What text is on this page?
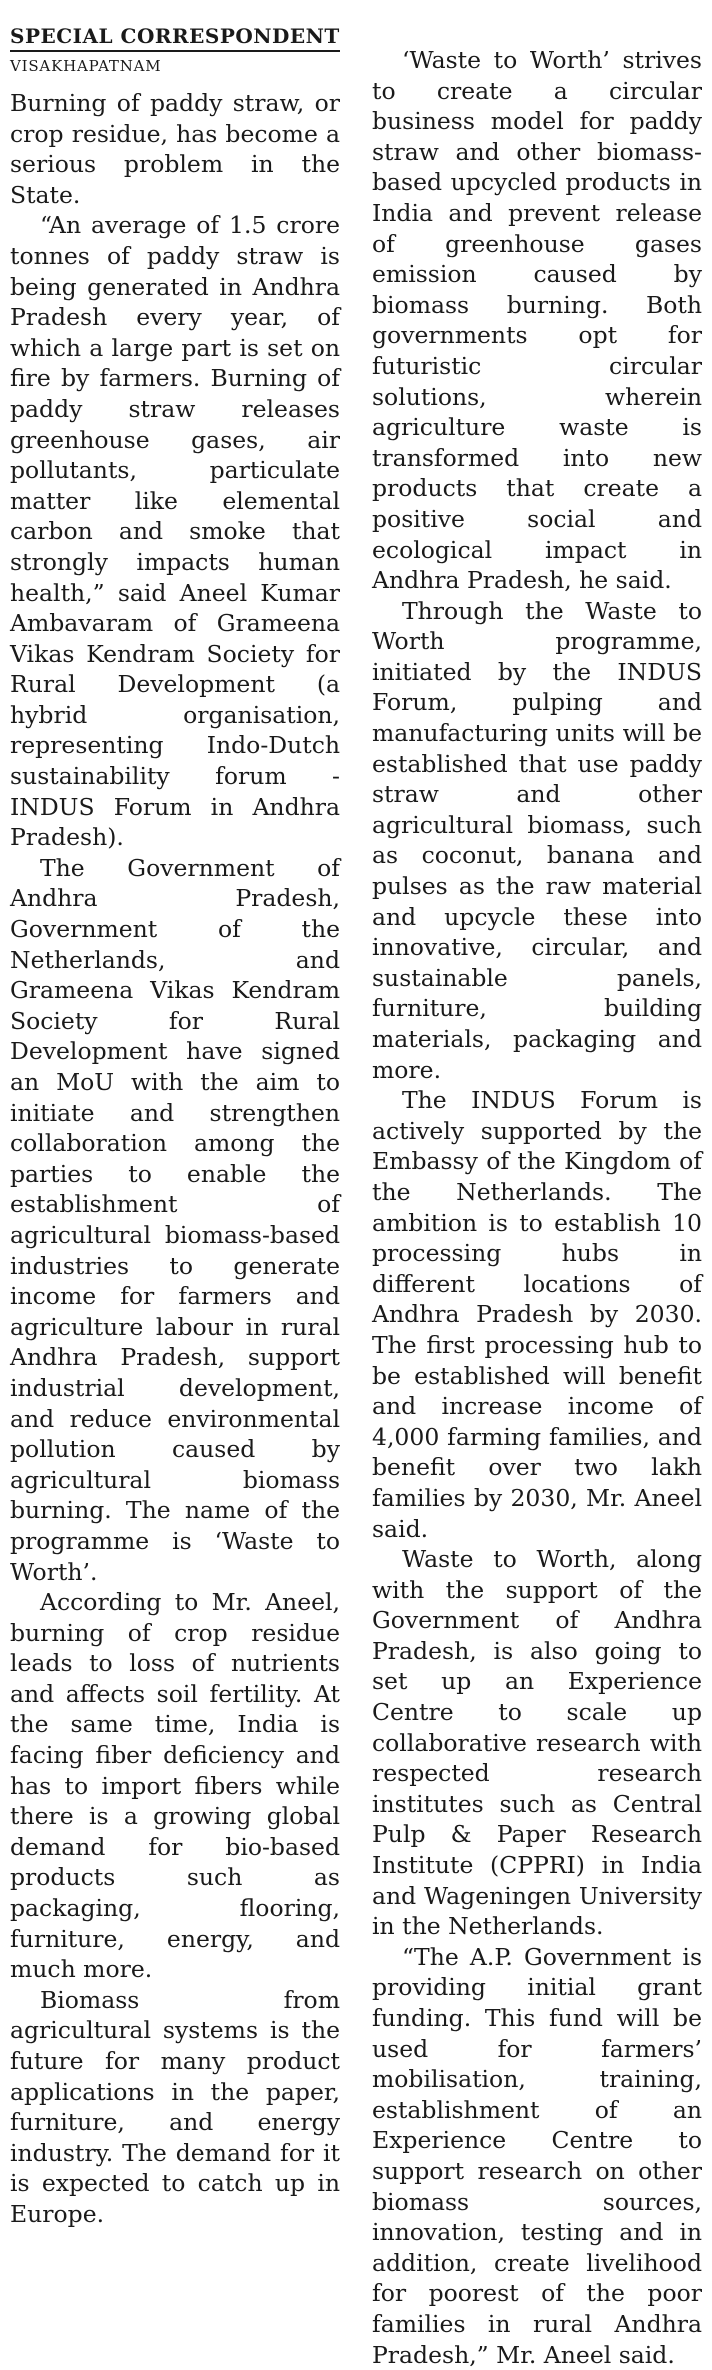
SPECIAL CORRESPONDENT
VISAKHAPATNAM

Burning of paddy straw, or crop residue, has become a serious problem in the State.

“An average of 1.5 crore tonnes of paddy straw is being generated in Andhra Pradesh every year, of which a large part is set on fire by farmers. Burning of paddy straw releases greenhouse gases, air pollutants, particulate matter like elemental carbon and smoke that strongly impacts human health,” said Aneel Kumar Ambavaram of Grameena Vikas Kendram Society for Rural Development (a hybrid organisation, representing Indo-Dutch sustainability forum - INDUS Forum in Andhra Pradesh).

The Government of Andhra Pradesh, Government of the Netherlands, and Grameena Vikas Kendram Society for Rural Development have signed an MoU with the aim to initiate and strengthen collaboration among the parties to enable the establishment of agricultural biomass-based industries to generate income for farmers and agriculture labour in rural Andhra Pradesh, support industrial development, and reduce environmental pollution caused by agricultural biomass burning. The name of the programme is ‘Waste to Worth’.

According to Mr. Aneel, burning of crop residue leads to loss of nutrients and affects soil fertility. At the same time, India is facing fiber deficiency and has to import fibers while there is a growing global demand for bio-based products such as packaging, flooring, furniture, energy, and much more.

Biomass from agricultural systems is the future for many product applications in the paper, furniture, and energy industry. The demand for it is expected to catch up in Europe.

‘Waste to Worth’ strives to create a circular business model for paddy straw and other biomass-based upcycled products in India and prevent release of greenhouse gases emission caused by biomass burning. Both governments opt for futuristic circular solutions, wherein agriculture waste is transformed into new products that create a positive social and ecological impact in Andhra Pradesh, he said.

Through the Waste to Worth programme, initiated by the INDUS Forum, pulping and manufacturing units will be established that use paddy straw and other agricultural biomass, such as coconut, banana and pulses as the raw material and upcycle these into innovative, circular, and sustainable panels, furniture, building materials, packaging and more.

The INDUS Forum is actively supported by the Embassy of the Kingdom of the Netherlands. The ambition is to establish 10 processing hubs in different locations of Andhra Pradesh by 2030. The first processing hub to be established will benefit and increase income of 4,000 farming families, and benefit over two lakh families by 2030, Mr. Aneel said.

Waste to Worth, along with the support of the Government of Andhra Pradesh, is also going to set up an Experience Centre to scale up collaborative research with respected research institutes such as Central Pulp & Paper Research Institute (CPPRI) in India and Wageningen University in the Netherlands.

“The A.P. Government is providing initial grant funding. This fund will be used for farmers’ mobilisation, training, establishment of an Experience Centre to support research on other biomass sources, innovation, testing and in addition, create livelihood for poorest of the poor families in rural Andhra Pradesh,” Mr. Aneel said.
